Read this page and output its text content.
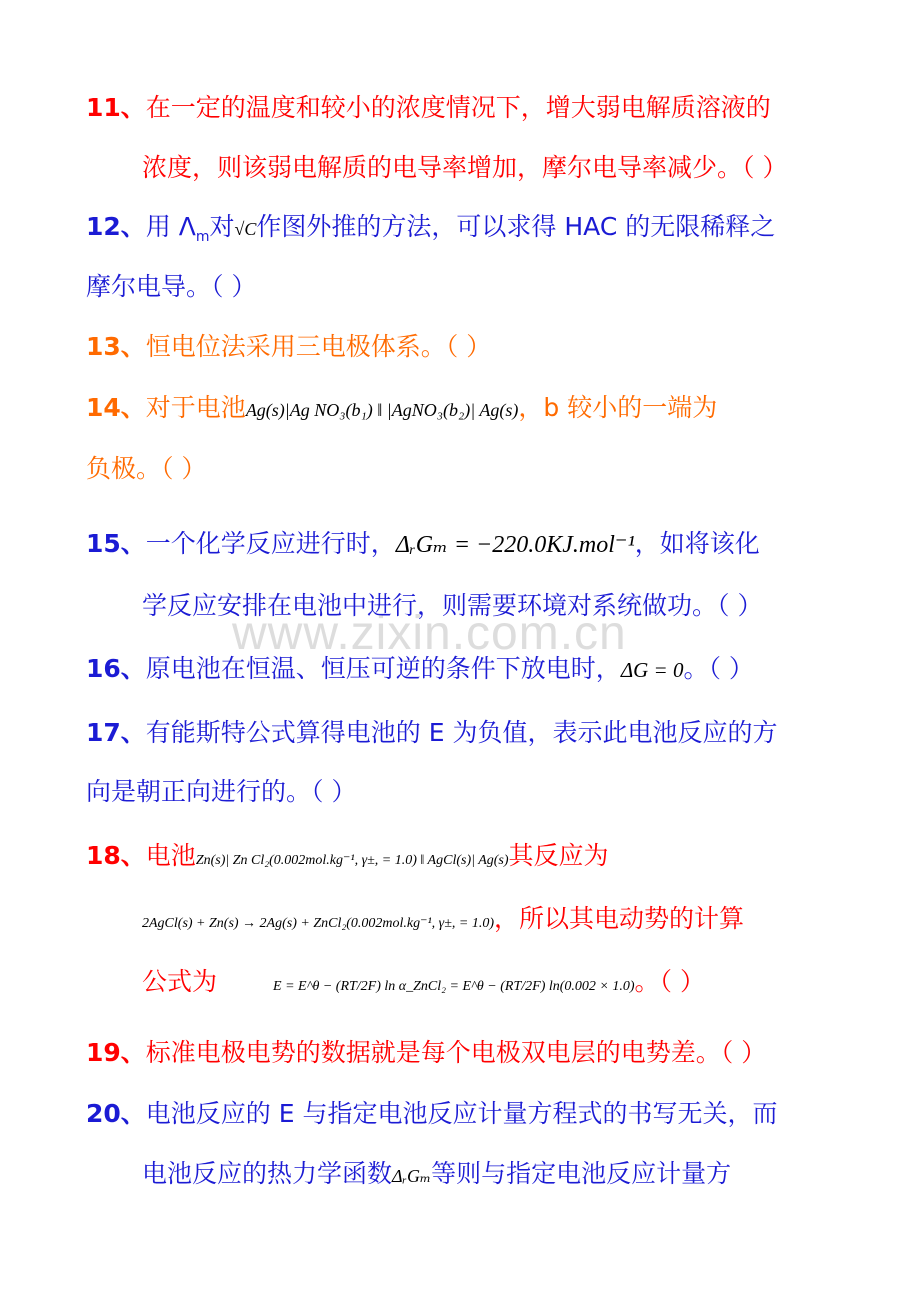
www.zixin.com.cn
11、在一定的温度和较小的浓度情况下，增大弱电解质溶液的
浓度，则该弱电解质的电导率增加，摩尔电导率减少。（ ）
12、用 $\Lambda_m$对√C作图外推的方法，可以求得 HAC 的无限稀释之
摩尔电导。（ ）
13、恒电位法采用三电极体系。（ ）
14、对于电池Ag(s)|Ag NO₃(b₁) ‖ |AgNO₃(b₂)| Ag(s)，b 较小的一端为
负极。（ ）
15、一个化学反应进行时，ΔᵣGₘ = −220.0KJ.mol⁻¹，如将该化
学反应安排在电池中进行，则需要环境对系统做功。（ ）
16、原电池在恒温、恒压可逆的条件下放电时，ΔG = 0。（ ）
17、有能斯特公式算得电池的 E 为负值，表示此电池反应的方
向是朝正向进行的。（ ）
18、电池Zn(s)| Zn Cl₂(0.002mol.kg⁻¹, γ±, = 1.0) ‖ AgCl(s)| Ag(s)其反应为
2AgCl(s) + Zn(s) → 2Ag(s) + ZnCl₂(0.002mol.kg⁻¹, γ±, = 1.0)，所以其电动势的计算
公式为	E = E^θ − (RT/2F) ln α_ZnCl₂ = E^θ − (RT/2F) ln(0.002 × 1.0)。（ ）
19、标准电极电势的数据就是每个电极双电层的电势差。（ ）
20、电池反应的 E 与指定电池反应计量方程式的书写无关，而
电池反应的热力学函数ΔᵣGₘ等则与指定电池反应计量方
